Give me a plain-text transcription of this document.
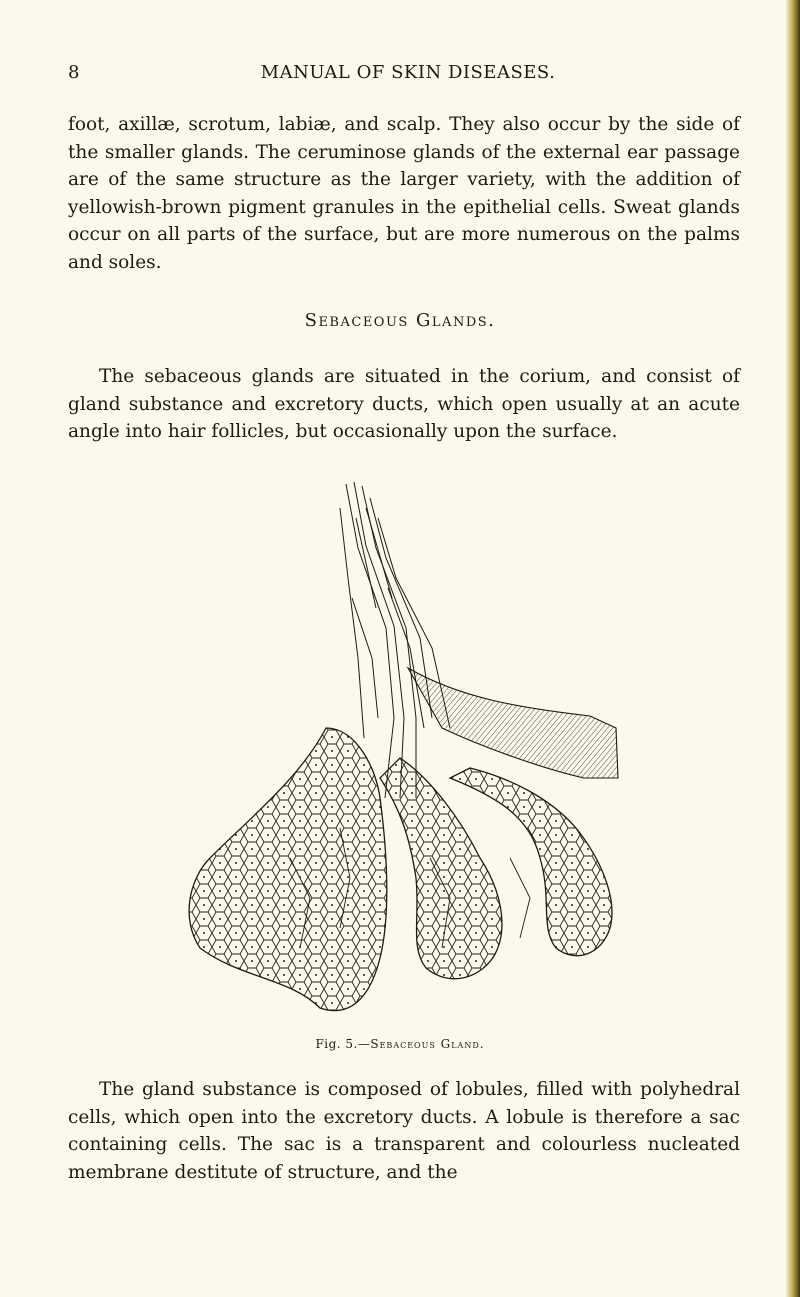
8	MANUAL OF SKIN DISEASES.

foot, axillæ, scrotum, labiæ, and scalp. They also occur by the side of the smaller glands. The ceruminose glands of the external ear passage are of the same structure as the larger variety, with the addition of yellowish-brown pigment granules in the epithelial cells. Sweat glands occur on all parts of the surface, but are more numerous on the palms and soles.

Sebaceous Glands.

The sebaceous glands are situated in the corium, and consist of gland substance and excretory ducts, which open usually at an acute angle into hair follicles, but occasionally upon the surface.

Fig. 5.—Sebaceous Gland.

The gland substance is composed of lobules, filled with polyhedral cells, which open into the excretory ducts. A lobule is therefore a sac containing cells. The sac is a transparent and colourless nucleated membrane destitute of structure, and the
